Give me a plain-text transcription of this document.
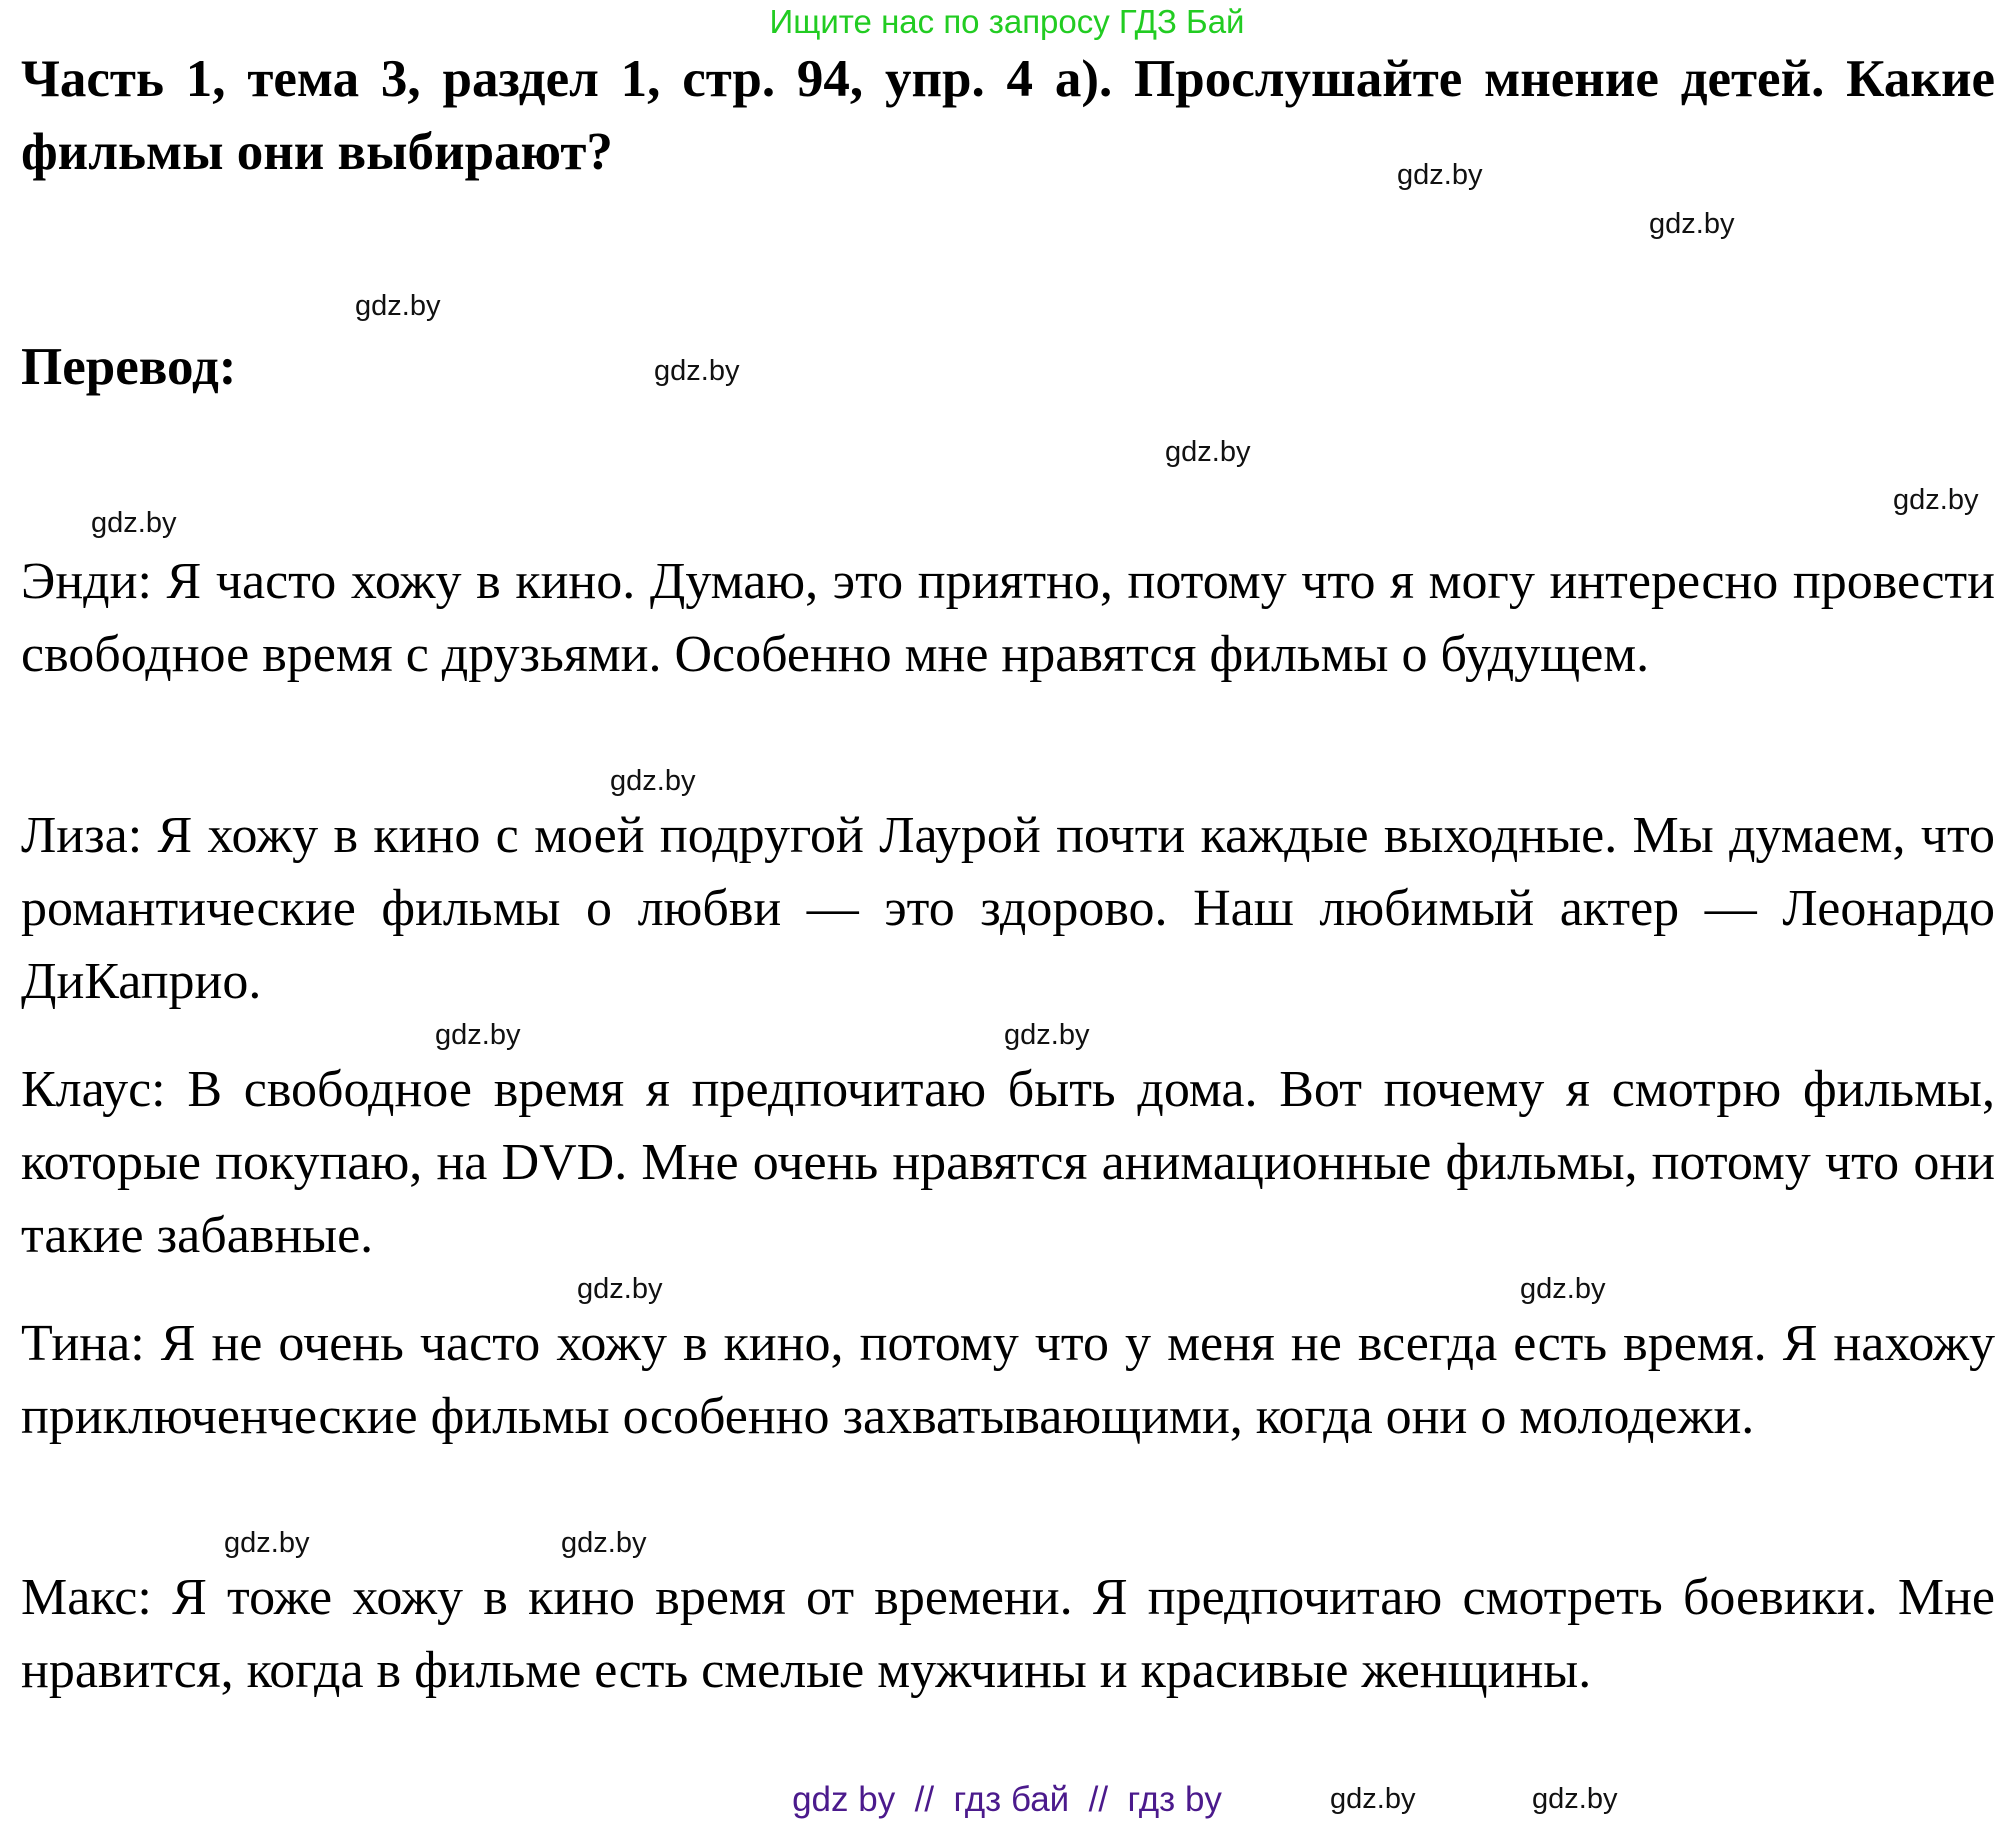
Ищите нас по запросу ГДЗ Бай
Часть 1, тема 3, раздел 1, стр. 94, упр. 4 а). Прослушайте мнение детей. Какие фильмы они выбирают?
Перевод:
Энди: Я часто хожу в кино. Думаю, это приятно, потому что я могу интересно провести свободное время с друзьями. Особенно мне нравятся фильмы о будущем.
Лиза: Я хожу в кино с моей подругой Лаурой почти каждые выходные. Мы думаем, что романтические фильмы о любви — это здорово. Наш любимый актер — Леонардо ДиКаприо.
Клаус: В свободное время я предпочитаю быть дома. Вот почему я смотрю фильмы, которые покупаю, на DVD. Мне очень нравятся анимационные фильмы, потому что они такие забавные.
Тина: Я не очень часто хожу в кино, потому что у меня не всегда есть время. Я нахожу приключенческие фильмы особенно захватывающими, когда они о молодежи.
Макс: Я тоже хожу в кино время от времени. Я предпочитаю смотреть боевики. Мне нравится, когда в фильме есть смелые мужчины и красивые женщины.
gdz.by
gdz.by
gdz.by
gdz.by
gdz.by
gdz.by
gdz.by
gdz.by
gdz.by
gdz.by
gdz.by
gdz.by
gdz.by
gdz.by
gdz.by
gdz.by
gdz by  //  гдз бай  //  гдз by
